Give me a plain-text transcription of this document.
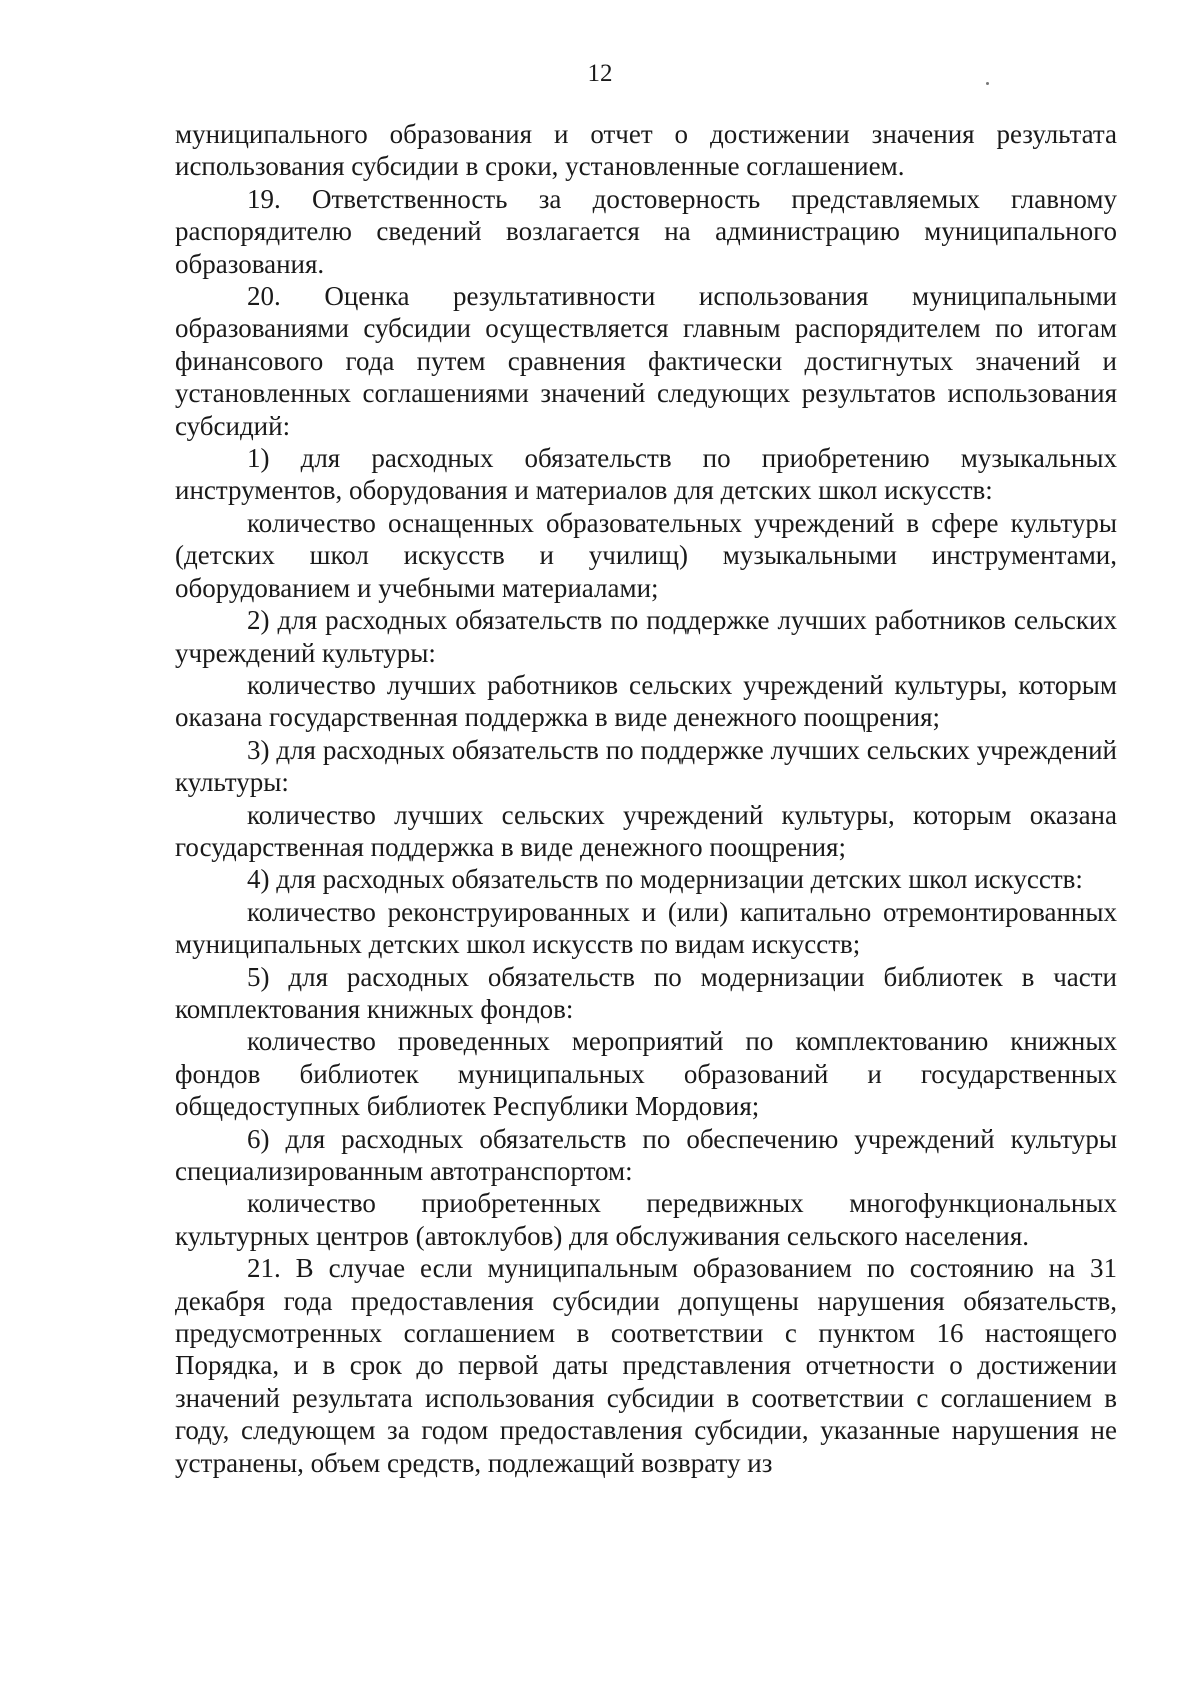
12

муниципального образования и отчет о достижении значения результата использования субсидии в сроки, установленные соглашением.

19. Ответственность за достоверность представляемых главному распорядителю сведений возлагается на администрацию муниципального образования.

20. Оценка результативности использования муниципальными образованиями субсидии осуществляется главным распорядителем по итогам финансового года путем сравнения фактически достигнутых значений и установленных соглашениями значений следующих результатов использования субсидий:

1) для расходных обязательств по приобретению музыкальных инструментов, оборудования и материалов для детских школ искусств:

количество оснащенных образовательных учреждений в сфере культуры (детских школ искусств и училищ) музыкальными инструментами, оборудованием и учебными материалами;

2) для расходных обязательств по поддержке лучших работников сельских учреждений культуры:

количество лучших работников сельских учреждений культуры, которым оказана государственная поддержка в виде денежного поощрения;

3) для расходных обязательств по поддержке лучших сельских учреждений культуры:

количество лучших сельских учреждений культуры, которым оказана государственная поддержка в виде денежного поощрения;

4) для расходных обязательств по модернизации детских школ искусств:

количество реконструированных и (или) капитально отремонтированных муниципальных детских школ искусств по видам искусств;

5) для расходных обязательств по модернизации библиотек в части комплектования книжных фондов:

количество проведенных мероприятий по комплектованию книжных фондов библиотек муниципальных образований и государственных общедоступных библиотек Республики Мордовия;

6) для расходных обязательств по обеспечению учреждений культуры специализированным автотранспортом:

количество приобретенных передвижных многофункциональных культурных центров (автоклубов) для обслуживания сельского населения.

21. В случае если муниципальным образованием по состоянию на 31 декабря года предоставления субсидии допущены нарушения обязательств, предусмотренных соглашением в соответствии с пунктом 16 настоящего Порядка, и в срок до первой даты представления отчетности о достижении значений результата использования субсидии в соответствии с соглашением в году, следующем за годом предоставления субсидии, указанные нарушения не устранены, объем средств, подлежащий возврату из
